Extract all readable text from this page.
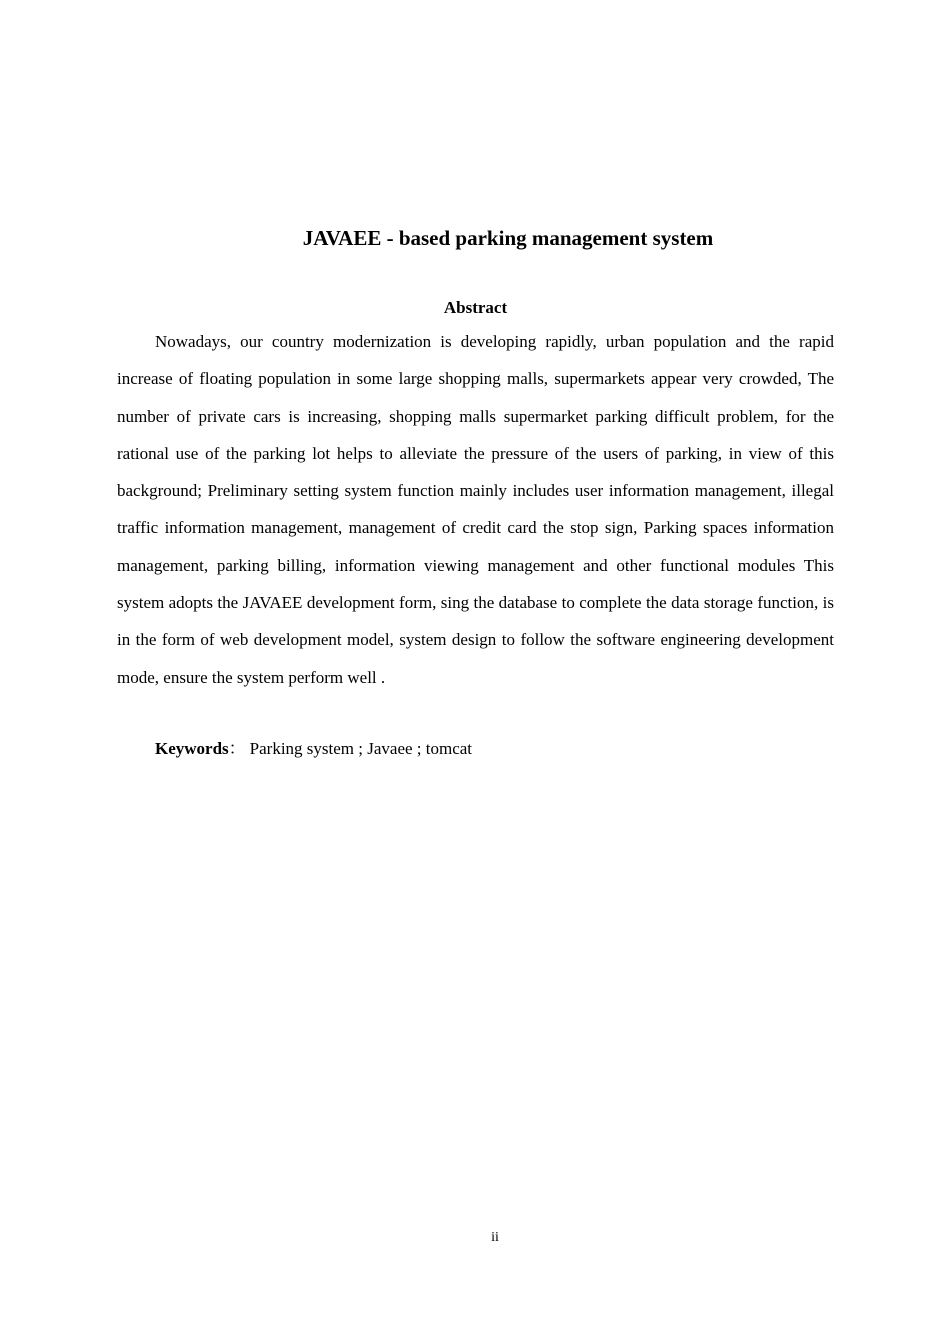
JAVAEE - based parking management system
Abstract

Nowadays, our country modernization is developing rapidly, urban population and the rapid increase of floating population in some large shopping malls, supermarkets appear very crowded, The number of private cars is increasing, shopping malls supermarket parking difficult problem, for the rational use of the parking lot helps to alleviate the pressure of the users of parking, in view of this background; Preliminary setting system function mainly includes user information management, illegal traffic information management, management of credit card the stop sign, Parking spaces information management, parking billing, information viewing management and other functional modules This system adopts the JAVAEE development form, sing the database to complete the data storage function, is in the form of web development model, system design to follow the software engineering development mode, ensure the system perform well .

Keywords： Parking system ; Javaee ; tomcat

ii
